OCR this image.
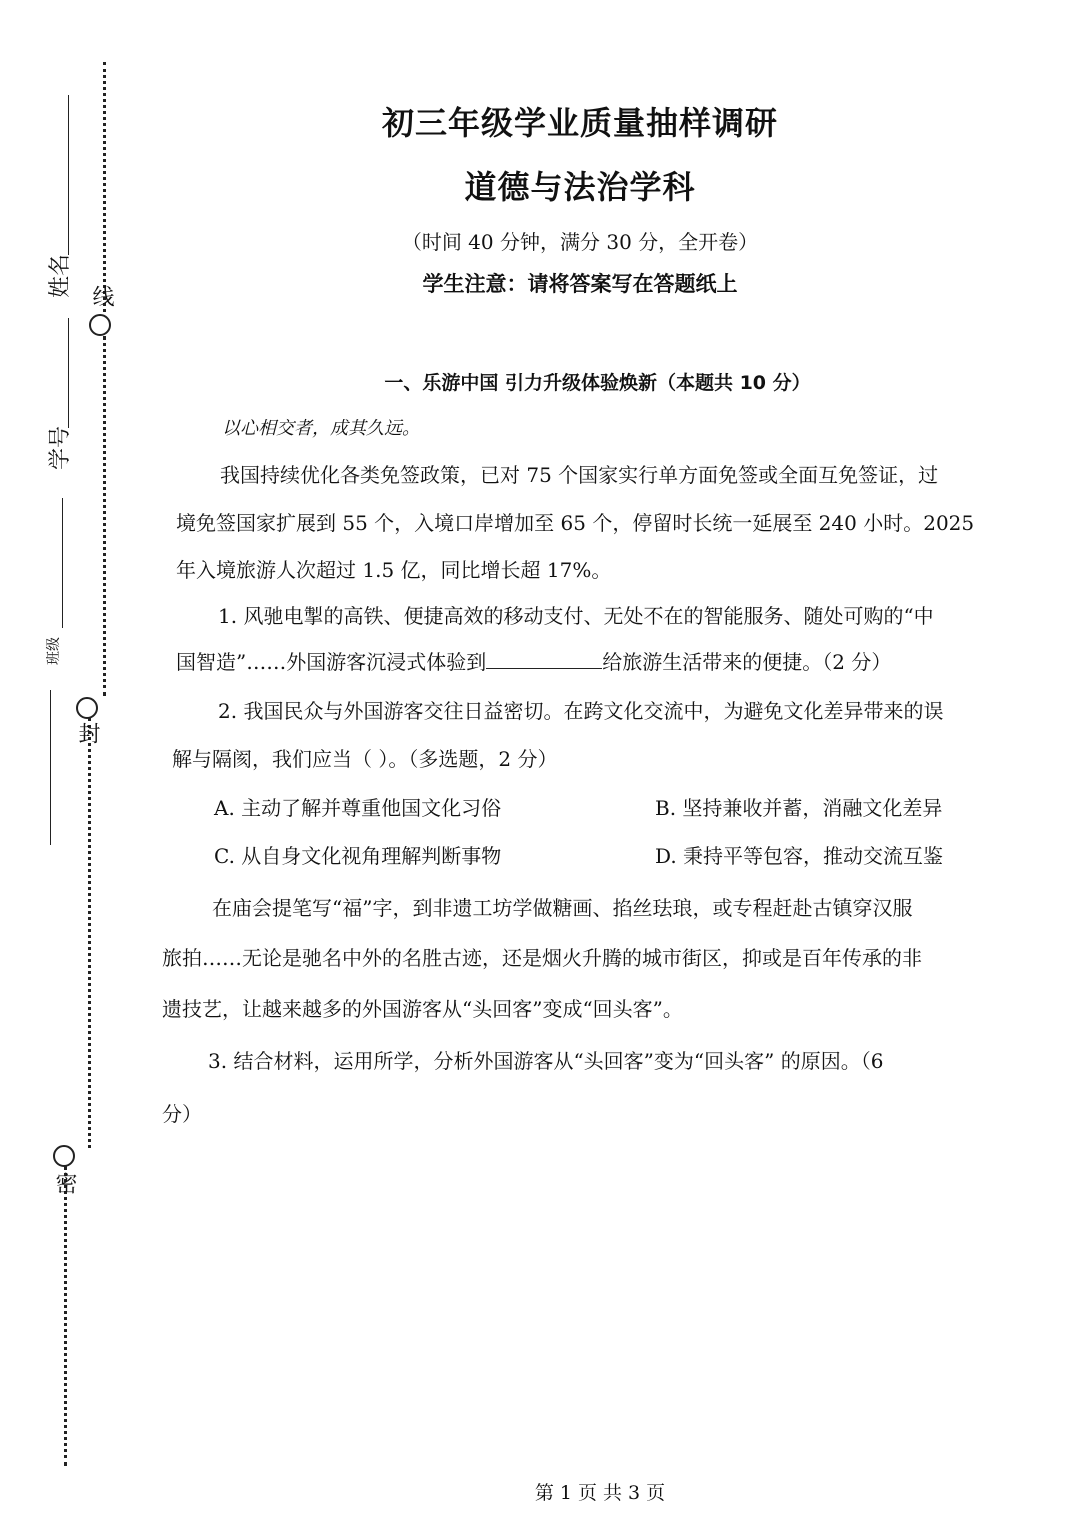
线
封
密
姓名
学号
班级
初三年级学业质量抽样调研
道德与法治学科
（时间 40 分钟，满分 30 分，全开卷）
学生注意：请将答案写在答题纸上
一、乐游中国 引力升级体验焕新（本题共 10 分）
以心相交者，成其久远。
我国持续优化各类免签政策，已对 75 个国家实行单方面免签或全面互免签证，过
境免签国家扩展到 55 个，入境口岸增加至 65 个，停留时长统一延展至 240 小时。2025
年入境旅游人次超过 1.5 亿，同比增长超 17%。
1. 风驰电掣的高铁、便捷高效的移动支付、无处不在的智能服务、随处可购的“中
国智造”……外国游客沉浸式体验到	给旅游生活带来的便捷。（2 分）
2. 我国民众与外国游客交往日益密切。在跨文化交流中，为避免文化差异带来的误
解与隔阂，我们应当（ ）。（多选题，2 分）
A. 主动了解并尊重他国文化习俗	B. 坚持兼收并蓄，消融文化差异
C. 从自身文化视角理解判断事物	D. 秉持平等包容，推动交流互鉴
在庙会提笔写“福”字，到非遗工坊学做糖画、掐丝珐琅，或专程赶赴古镇穿汉服
旅拍……无论是驰名中外的名胜古迹，还是烟火升腾的城市街区，抑或是百年传承的非
遗技艺，让越来越多的外国游客从“头回客”变成“回头客”。
3. 结合材料，运用所学，分析外国游客从“头回客”变为“回头客” 的原因。（6
分）
第 1 页 共 3 页
